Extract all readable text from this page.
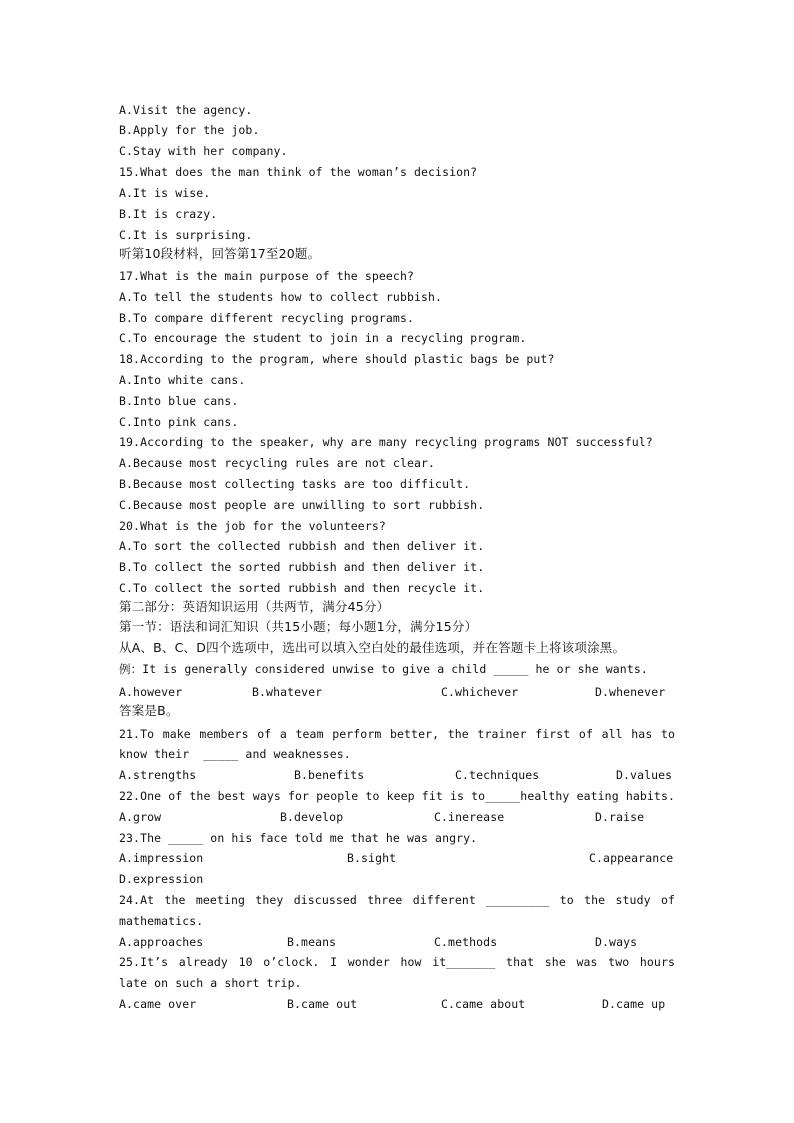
A.Visit the agency.
B.Apply for the job.
C.Stay with her company.
15.What does the man think of the woman’s decision?
A.It is wise.
B.It is crazy.
C.It is surprising.
听第10段材料，回答第17至20题。
17.What is the main purpose of the speech?
A.To tell the students how to collect rubbish.
B.To compare different recycling programs.
C.To encourage the student to join in a recycling program.
18.According to the program, where should plastic bags be put?
A.Into white cans.
B.Into blue cans.
C.Into pink cans.
19.According to the speaker, why are many recycling programs NOT successful?
A.Because most recycling rules are not clear.
B.Because most collecting tasks are too difficult.
C.Because most people are unwilling to sort rubbish.
20.What is the job for the volunteers?
A.To sort the collected rubbish and then deliver it.
B.To collect the sorted rubbish and then deliver it.
C.To collect the sorted rubbish and then recycle it.
第二部分：英语知识运用（共两节，满分45分）
第一节：语法和词汇知识（共15小题；每小题1分，满分15分）
从A、B、C、D四个选项中，选出可以填入空白处的最佳选项，并在答题卡上将该项涂黑。
例：It is generally considered unwise to give a child _____ he or she wants.
A.however	B.whatever	C.whichever	D.whenever
答案是B。
21.To make members of a team perform better, the trainer first of all has to
know their  _____ and weaknesses.
A.strengths	B.benefits	C.techniques	D.values
22.One of the best ways for people to keep fit is to_____healthy eating habits.
A.grow	B.develop	C.inerease	D.raise
23.The _____ on his face told me that he was angry.
A.impression	B.sight	C.appearance
D.expression
24.At the meeting they discussed three different _________ to the study of
mathematics.
A.approaches	B.means	C.methods	D.ways
25.It’s already 10 o’clock. I wonder how it_______ that she was two hours
late on such a short trip.
A.came over	B.came out	C.came about	D.came up
